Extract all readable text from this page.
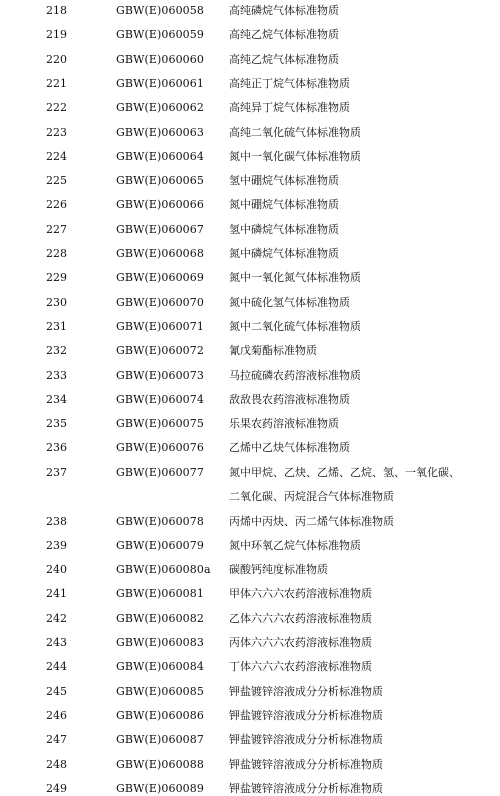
218	GBW(E)060058 高纯磷烷气体标准物质
219	GBW(E)060059 高纯乙烷气体标准物质
220	GBW(E)060060 高纯乙烷气体标准物质
221	GBW(E)060061 高纯正丁烷气体标准物质
222	GBW(E)060062 高纯异丁烷气体标准物质
223	GBW(E)060063 高纯二氧化硫气体标准物质
224	GBW(E)060064 氮中一氧化碳气体标准物质
225	GBW(E)060065 氢中硼烷气体标准物质
226	GBW(E)060066 氮中硼烷气体标准物质
227	GBW(E)060067 氢中磷烷气体标准物质
228	GBW(E)060068 氮中磷烷气体标准物质
229	GBW(E)060069 氮中一氧化氮气体标准物质
230	GBW(E)060070 氮中硫化氢气体标准物质
231	GBW(E)060071 氮中二氧化硫气体标准物质
232	GBW(E)060072 氰戊菊酯标准物质
233	GBW(E)060073 马拉硫磷农药溶液标准物质
234	GBW(E)060074 敌敌畏农药溶液标准物质
235	GBW(E)060075 乐果农药溶液标准物质
236	GBW(E)060076 乙烯中乙炔气体标准物质
237	GBW(E)060077 氮中甲烷、乙炔、乙烯、乙烷、氢、一氧化碳、
二氧化碳、丙烷混合气体标准物质
238	GBW(E)060078 丙烯中丙炔、丙二烯气体标准物质
239	GBW(E)060079 氮中环氧乙烷气体标准物质
240	GBW(E)060080a 碳酸钙纯度标准物质
241	GBW(E)060081 甲体六六六农药溶液标准物质
242	GBW(E)060082 乙体六六六农药溶液标准物质
243	GBW(E)060083 丙体六六六农药溶液标准物质
244	GBW(E)060084 丁体六六六农药溶液标准物质
245	GBW(E)060085 钾盐镀锌溶液成分分析标准物质
246	GBW(E)060086 钾盐镀锌溶液成分分析标准物质
247	GBW(E)060087 钾盐镀锌溶液成分分析标准物质
248	GBW(E)060088 钾盐镀锌溶液成分分析标准物质
249	GBW(E)060089 钾盐镀锌溶液成分分析标准物质
